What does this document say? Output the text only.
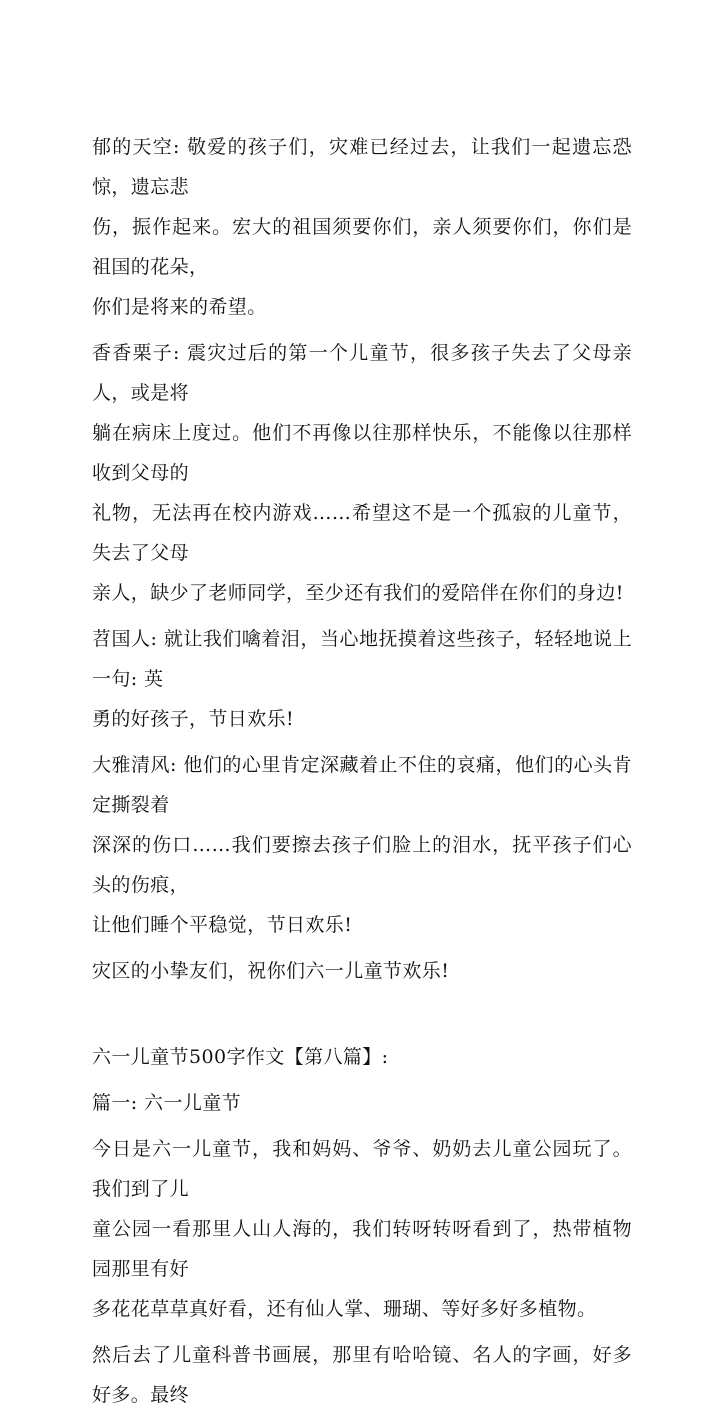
郁的天空: 敬爱的孩子们，灾难已经过去，让我们一起遗忘恐惊，遗忘悲

伤，振作起来。宏大的祖国须要你们，亲人须要你们，你们是祖国的花朵，

你们是将来的希望。

香香栗子: 震灾过后的第一个儿童节，很多孩子失去了父母亲人，或是将

躺在病床上度过。他们不再像以往那样快乐，不能像以往那样收到父母的

礼物，无法再在校内游戏……希望这不是一个孤寂的儿童节，失去了父母

亲人，缺少了老师同学，至少还有我们的爱陪伴在你们的身边!

苕国人: 就让我们噙着泪，当心地抚摸着这些孩子，轻轻地说上一句: 英

勇的好孩子，节日欢乐!

大雅清风: 他们的心里肯定深藏着止不住的哀痛，他们的心头肯定撕裂着

深深的伤口……我们要擦去孩子们脸上的泪水，抚平孩子们心头的伤痕，

让他们睡个平稳觉，节日欢乐!

灾区的小挚友们，祝你们六一儿童节欢乐!

六一儿童节500字作文【第八篇】:

篇一: 六一儿童节

今日是六一儿童节，我和妈妈、爷爷、奶奶去儿童公园玩了。我们到了儿

童公园一看那里人山人海的，我们转呀转呀看到了，热带植物园那里有好

多花花草草真好看，还有仙人掌、珊瑚、等好多好多植物。

然后去了儿童科普书画展，那里有哈哈镜、名人的字画，好多好多。最终
